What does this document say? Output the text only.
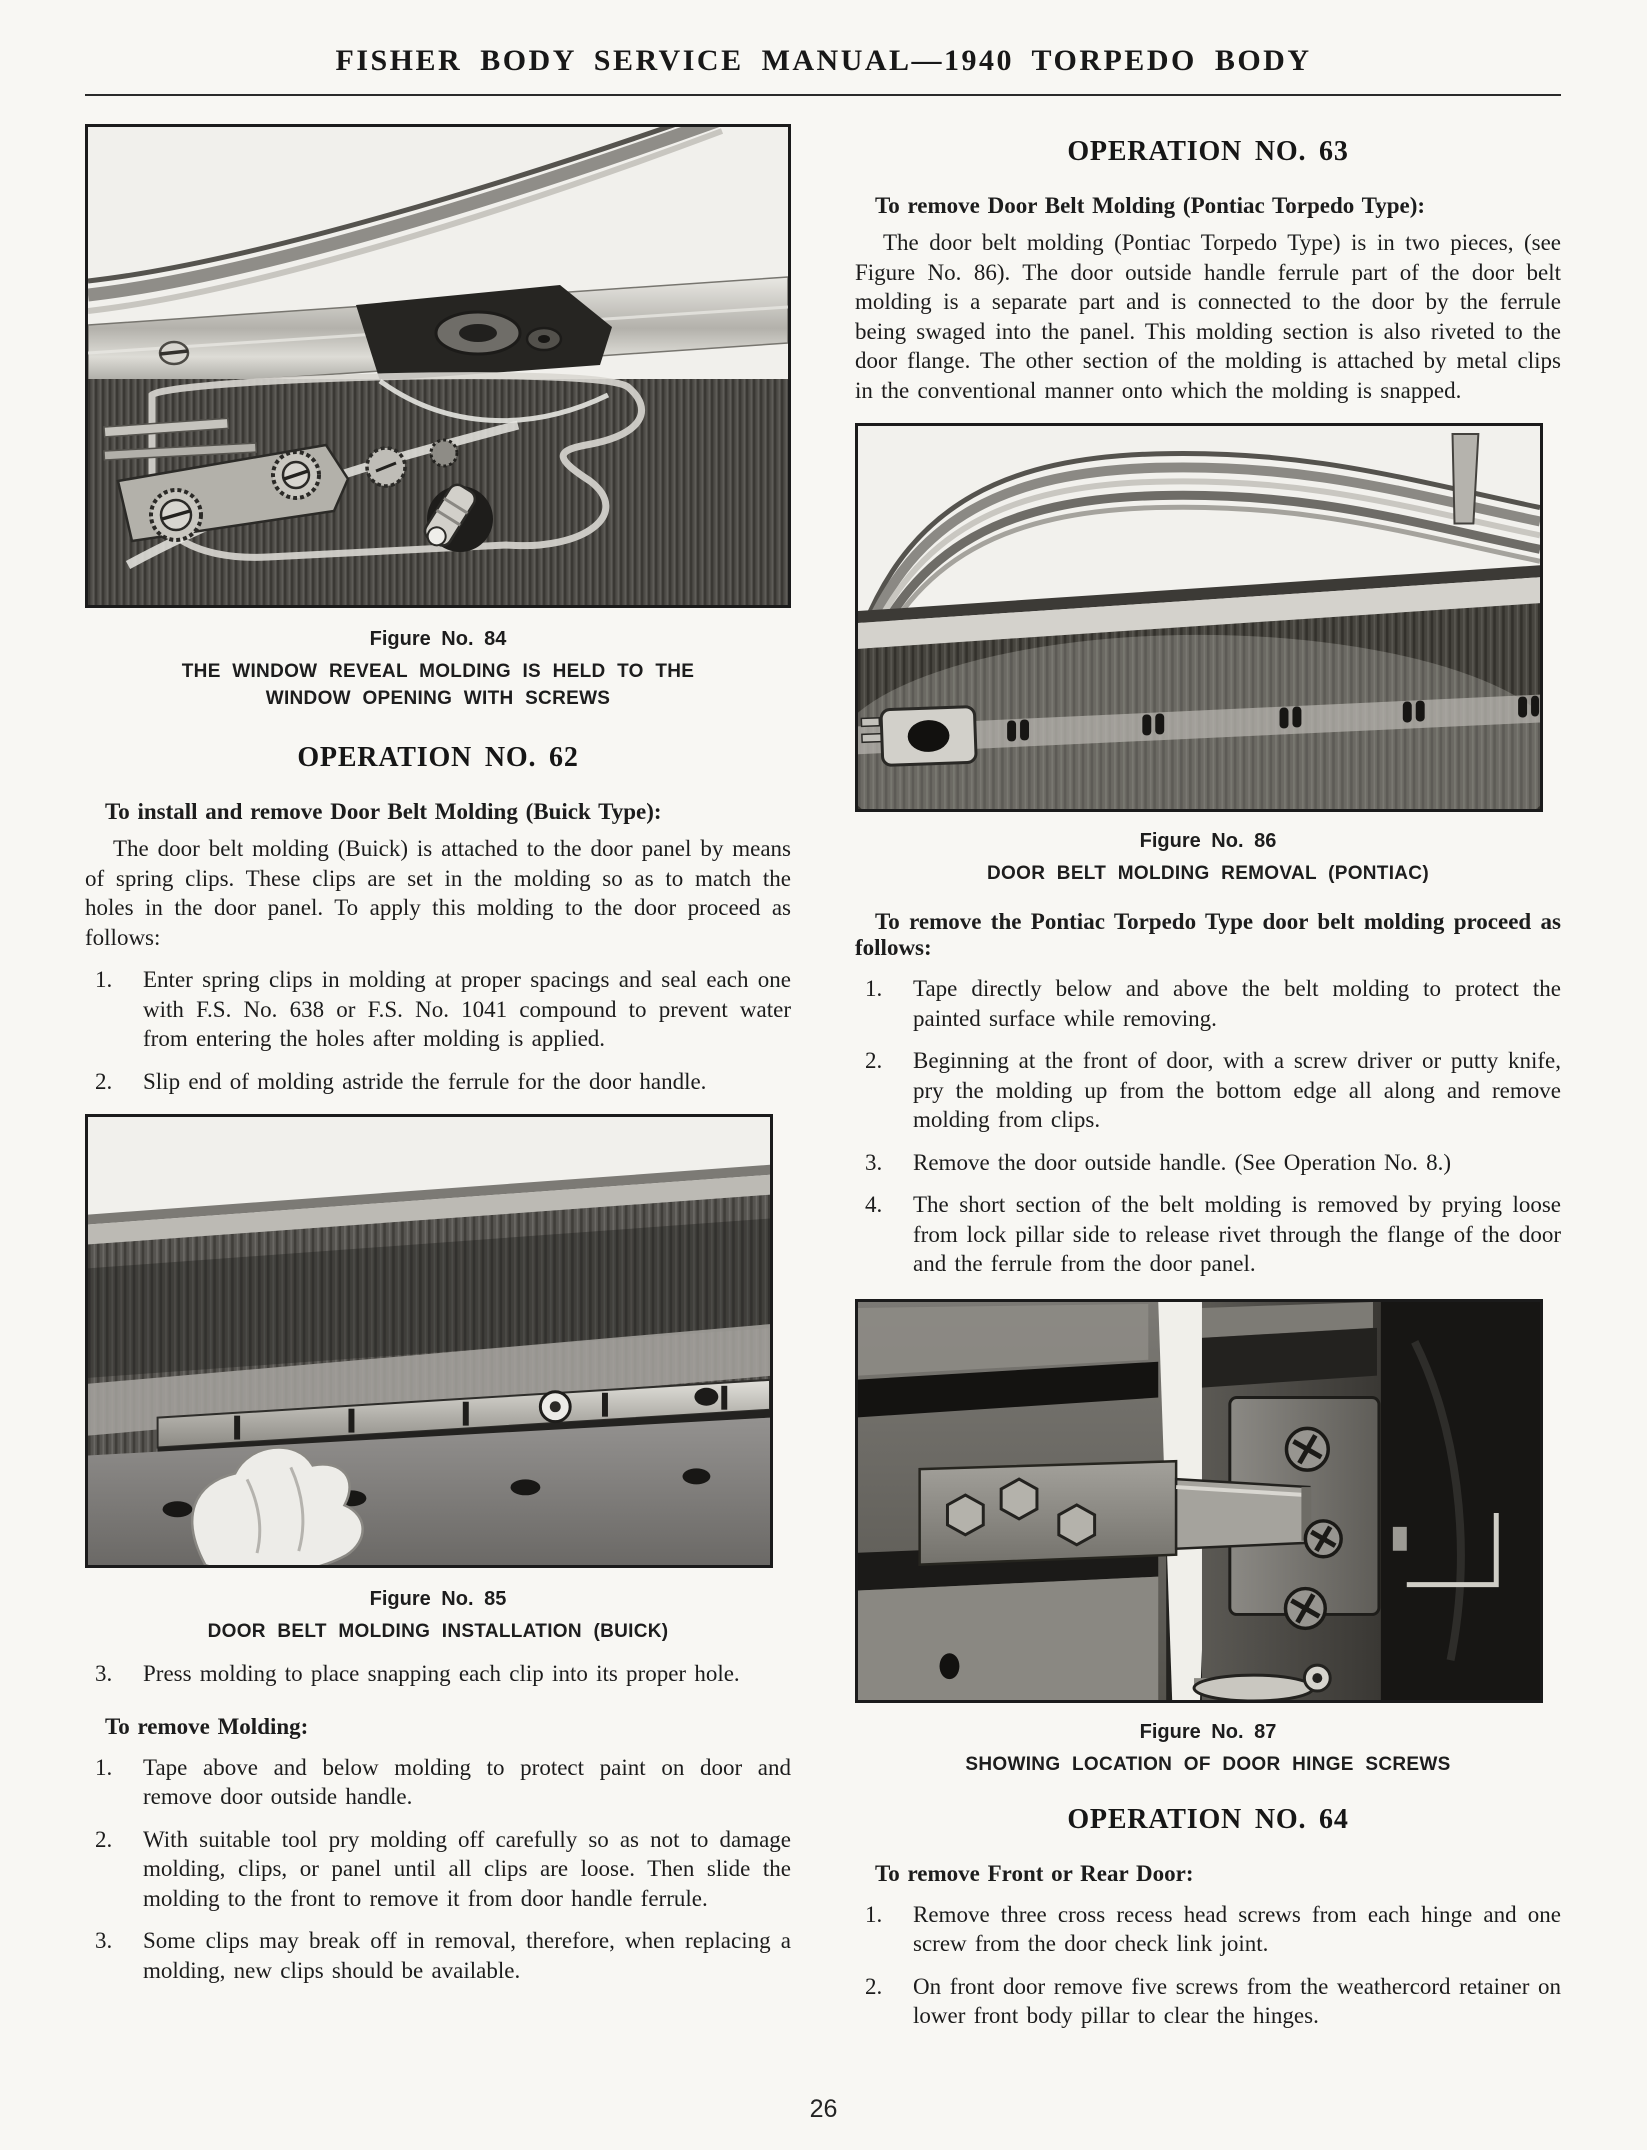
FISHER BODY SERVICE MANUAL—1940 TORPEDO BODY
Figure No. 84
THE WINDOW REVEAL MOLDING IS HELD TO THE
WINDOW OPENING WITH SCREWS
OPERATION NO. 62

To install and remove Door Belt Molding (Buick Type):

The door belt molding (Buick) is attached to the door panel by means of spring clips. These clips are set in the molding so as to match the holes in the door panel. To apply this molding to the door proceed as follows:

1. Enter spring clips in molding at proper spacings and seal each one with F.S. No. 638 or F.S. No. 1041 compound to prevent water from entering the holes after molding is applied.
2. Slip end of molding astride the ferrule for the door handle.
Figure No. 85
DOOR BELT MOLDING INSTALLATION (BUICK)
3. Press molding to place snapping each clip into its proper hole.

To remove Molding:

1. Tape above and below molding to protect paint on door and remove door outside handle.
2. With suitable tool pry molding off carefully so as not to damage molding, clips, or panel until all clips are loose. Then slide the molding to the front to remove it from door handle ferrule.
3. Some clips may break off in removal, therefore, when replacing a molding, new clips should be available.
OPERATION NO. 63

To remove Door Belt Molding (Pontiac Torpedo Type):

The door belt molding (Pontiac Torpedo Type) is in two pieces, (see Figure No. 86). The door outside handle ferrule part of the door belt molding is a separate part and is connected to the door by the ferrule being swaged into the panel. This molding section is also riveted to the door flange. The other section of the molding is attached by metal clips in the conventional manner onto which the molding is snapped.

Figure No. 86
DOOR BELT MOLDING REMOVAL (PONTIAC)

To remove the Pontiac Torpedo Type door belt molding proceed as follows:

1. Tape directly below and above the belt molding to protect the painted surface while removing.
2. Beginning at the front of door, with a screw driver or putty knife, pry the molding up from the bottom edge all along and remove molding from clips.
3. Remove the door outside handle. (See Operation No. 8.)
4. The short section of the belt molding is removed by prying loose from lock pillar side to release rivet through the flange of the door and the ferrule from the door panel.
Figure No. 87
SHOWING LOCATION OF DOOR HINGE SCREWS
OPERATION NO. 64

To remove Front or Rear Door:

1. Remove three cross recess head screws from each hinge and one screw from the door check link joint.
2. On front door remove five screws from the weathercord retainer on lower front body pillar to clear the hinges.
26
